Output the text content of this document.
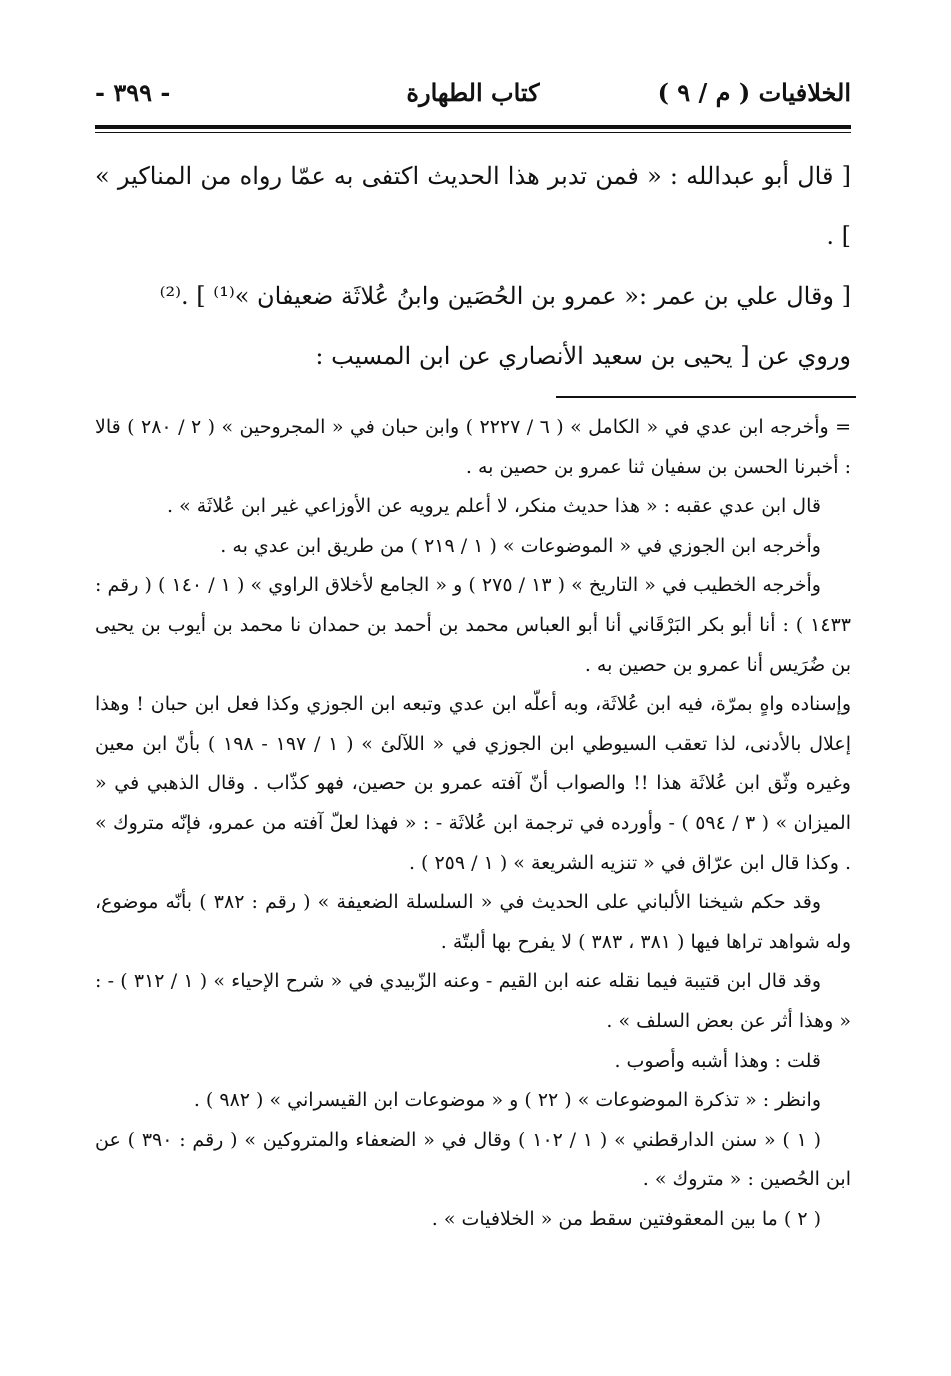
الخلافيات ( م / ٩ )
كتاب الطهارة
- ٣٩٩ -

[ قال أبو عبدالله : « فمن تدبر هذا الحديث اكتفى به عمّا رواه من المناكير » ] .

[ وقال علي بن عمر :« عمرو بن الحُصَين وابنُ عُلاثَة ضعيفان »⁽¹⁾ ] .⁽²⁾

وروي عن [ يحيى بن سعيد الأنصاري عن ابن المسيب :

= وأخرجه ابن عدي في « الكامل » ( ٦ / ٢٢٢٧ ) وابن حبان في « المجروحين » ( ٢ / ٢٨٠ ) قالا : أخبرنا الحسن بن سفيان ثنا عمرو بن حصين به .

قال ابن عدي عقبه : « هذا حديث منكر، لا أعلم يرويه عن الأوزاعي غير ابن عُلاثَة » .

وأخرجه ابن الجوزي في « الموضوعات » ( ١ / ٢١٩ ) من طريق ابن عدي به .

وأخرجه الخطيب في « التاريخ » ( ١٣ / ٢٧٥ ) و « الجامع لأخلاق الراوي » ( ١ / ١٤٠ ) ( رقم : ١٤٣٣ ) : أنا أبو بكر البَرْقَاني أنا أبو العباس محمد بن أحمد بن حمدان نا محمد بن أيوب بن يحيى بن ضُرَيس أنا عمرو بن حصين به .

وإسناده واهٍ بمرّة، فيه ابن عُلاثَة، وبه أعلّه ابن عدي وتبعه ابن الجوزي وكذا فعل ابن حبان ! وهذا إعلال بالأدنى، لذا تعقب السيوطي ابن الجوزي في « اللآلئ » ( ١ / ١٩٧ - ١٩٨ ) بأنّ ابن معين وغيره وثّق ابن عُلاثَة هذا !! والصواب أنّ آفته عمرو بن حصين، فهو كذّاب . وقال الذهبي في « الميزان » ( ٣ / ٥٩٤ ) - وأورده في ترجمة ابن عُلاثَة - : « فهذا لعلّ آفته من عمرو، فإنّه متروك » . وكذا قال ابن عرّاق في « تنزيه الشريعة » ( ١ / ٢٥٩ ) .

وقد حكم شيخنا الألباني على الحديث في « السلسلة الضعيفة » ( رقم : ٣٨٢ ) بأنّه موضوع، وله شواهد تراها فيها ( ٣٨١ ، ٣٨٣ ) لا يفرح بها ألبتّة .

وقد قال ابن قتيبة فيما نقله عنه ابن القيم - وعنه الزّبيدي في « شرح الإحياء » ( ١ / ٣١٢ ) - : « وهذا أثر عن بعض السلف » .

قلت : وهذا أشبه وأصوب .

وانظر : « تذكرة الموضوعات » ( ٢٢ ) و « موضوعات ابن القيسراني » ( ٩٨٢ ) .

( ١ ) « سنن الدارقطني » ( ١ / ١٠٢ ) وقال في « الضعفاء والمتروكين » ( رقم : ٣٩٠ ) عن ابن الحُصين : « متروك » .

( ٢ ) ما بين المعقوفتين سقط من « الخلافيات » .
